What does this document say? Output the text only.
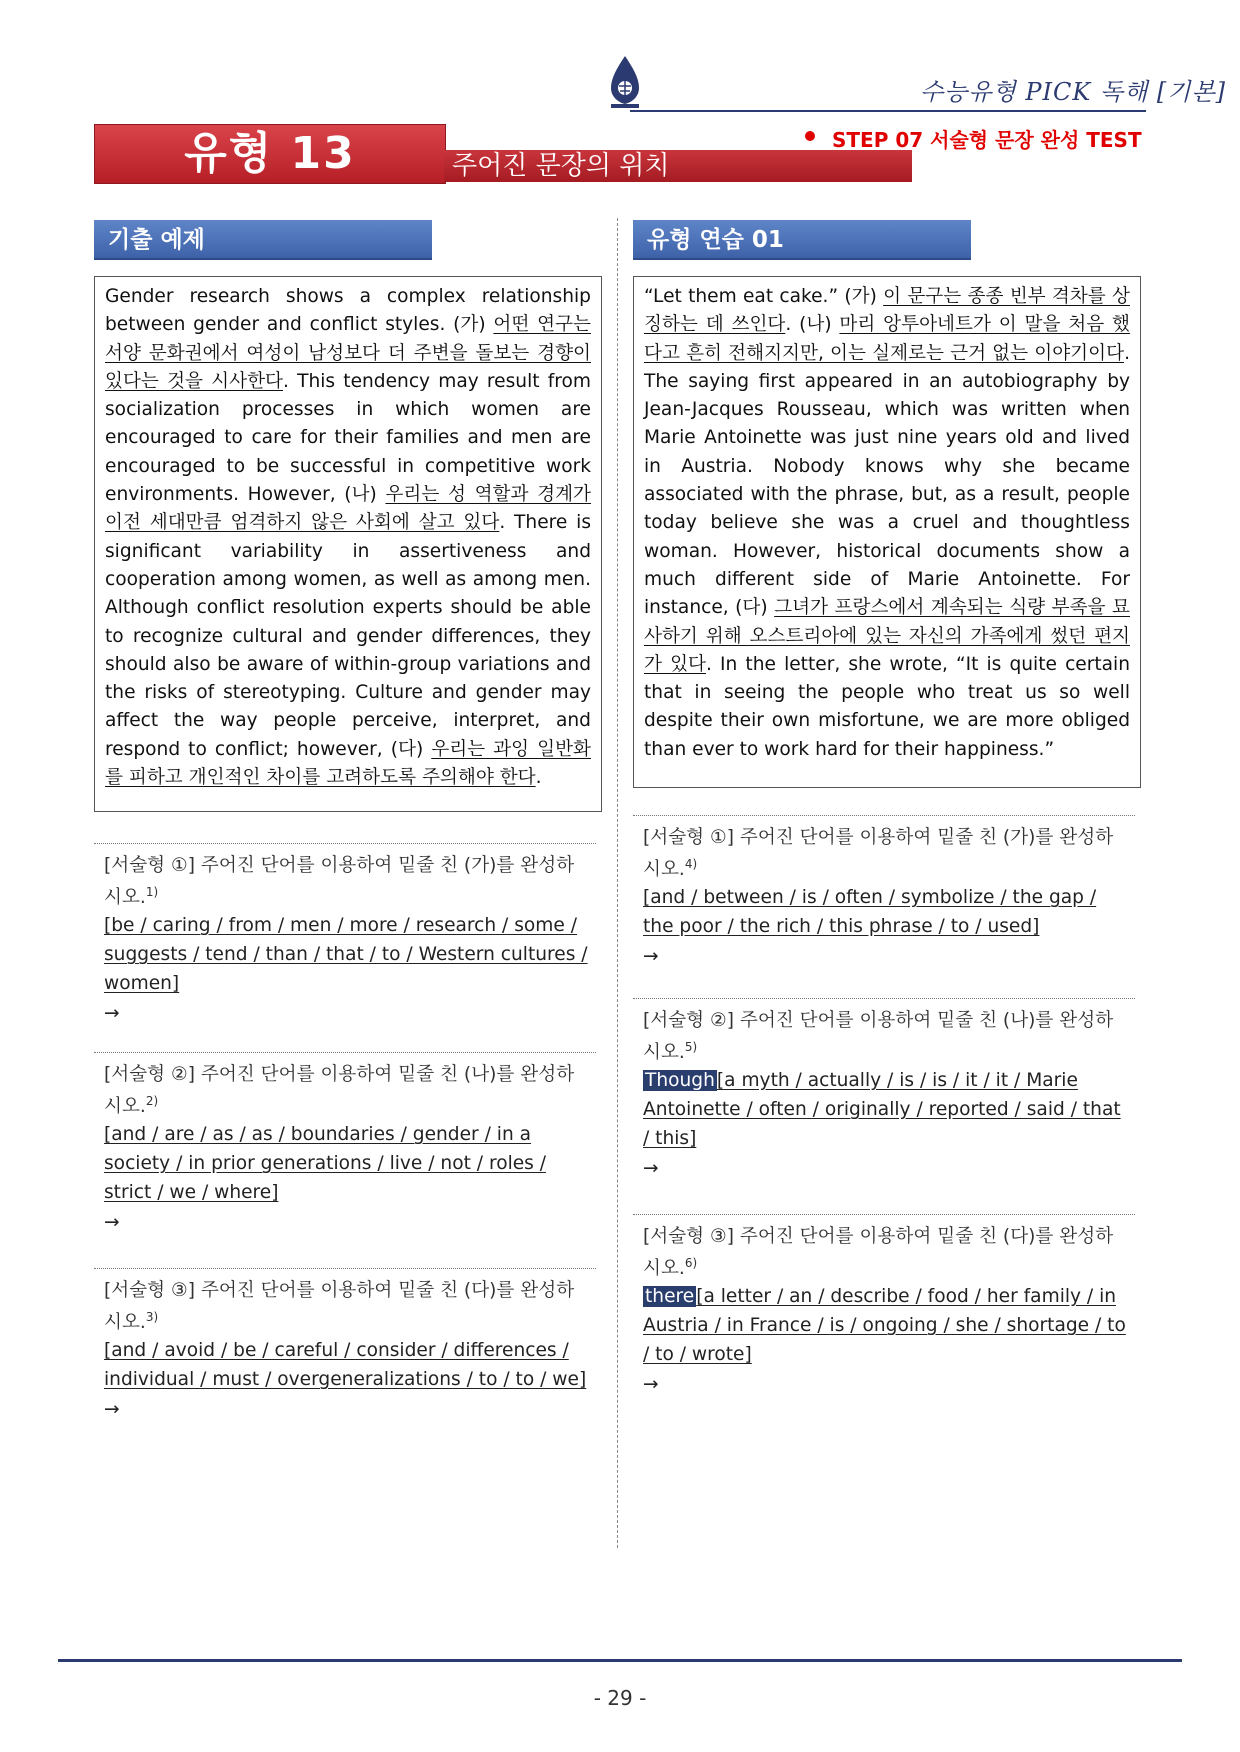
수능유형 PICK 독해 [기본]
유형 13	주어진 문장의 위치
STEP 07 서술형 문장 완성 TEST
기출 예제	유형 연습 01
Gender research shows a complex relationship between gender and conflict styles. (가) 어떤 연구는 서양 문화권에서 여성이 남성보다 더 주변을 돌보는 경향이 있다는 것을 시사한다. This tendency may result from socialization processes in which women are encouraged to care for their families and men are encouraged to be successful in competitive work environments. However, (나) 우리는 성 역할과 경계가 이전 세대만큼 엄격하지 않은 사회에 살고 있다. There is significant variability in assertiveness and cooperation among women, as well as among men. Although conflict resolution experts should be able to recognize cultural and gender differences, they should also be aware of within-group variations and the risks of stereotyping. Culture and gender may affect the way people perceive, interpret, and respond to conflict; however, (다) 우리는 과잉 일반화를 피하고 개인적인 차이를 고려하도록 주의해야 한다.
“Let them eat cake.” (가) 이 문구는 종종 빈부 격차를 상징하는 데 쓰인다. (나) 마리 앙투아네트가 이 말을 처음 했다고 흔히 전해지지만, 이는 실제로는 근거 없는 이야기이다. The saying first appeared in an autobiography by Jean-Jacques Rousseau, which was written when Marie Antoinette was just nine years old and lived in Austria. Nobody knows why she became associated with the phrase, but, as a result, people today believe she was a cruel and thoughtless woman. However, historical documents show a much different side of Marie Antoinette. For instance, (다) 그녀가 프랑스에서 계속되는 식량 부족을 묘사하기 위해 오스트리아에 있는 자신의 가족에게 썼던 편지가 있다. In the letter, she wrote, “It is quite certain that in seeing the people who treat us so well despite their own misfortune, we are more obliged than ever to work hard for their happiness.”
[서술형 ①] 주어진 단어를 이용하여 밑줄 친 (가)를 완성하시오.$^{1)}$
[be / caring / from / men / more / research / some / suggests / tend / than / that / to / Western cultures / women]
→
[서술형 ②] 주어진 단어를 이용하여 밑줄 친 (나)를 완성하시오.$^{2)}$
[and / are / as / as / boundaries / gender / in a society / in prior generations / live / not / roles / strict / we / where]
→
[서술형 ③] 주어진 단어를 이용하여 밑줄 친 (다)를 완성하시오.$^{3)}$
[and / avoid / be / careful / consider / differences / individual / must / overgeneralizations / to / to / we]
→
[서술형 ①] 주어진 단어를 이용하여 밑줄 친 (가)를 완성하시오.$^{4)}$
[and / between / is / often / symbolize / the gap / the poor / the rich / this phrase / to / used]
→
[서술형 ②] 주어진 단어를 이용하여 밑줄 친 (나)를 완성하시오.$^{5)}$
Though [a myth / actually / is / is / it / it / Marie Antoinette / often / originally / reported / said / that / this]
→
[서술형 ③] 주어진 단어를 이용하여 밑줄 친 (다)를 완성하시오.$^{6)}$
there [a letter / an / describe / food / her family / in Austria / in France / is / ongoing / she / shortage / to / to / wrote]
→
- 29 -
